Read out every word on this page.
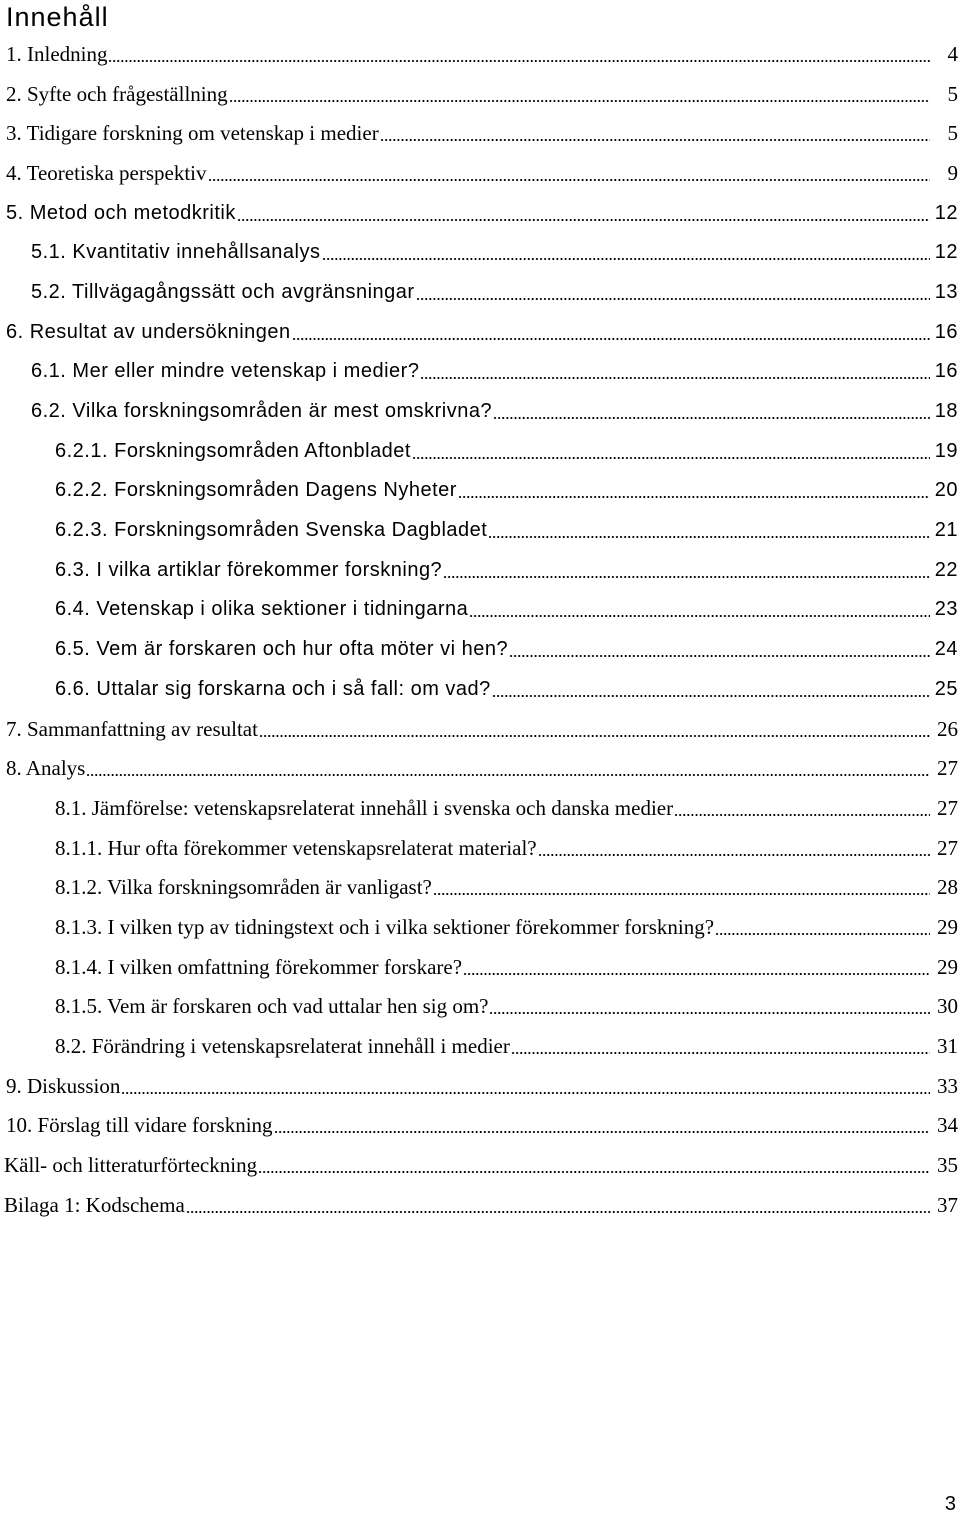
Innehåll
1. Inledning	4
2. Syfte och frågeställning	5
3. Tidigare forskning om vetenskap i medier	5
4. Teoretiska perspektiv	9
5. Metod och metodkritik	12
5.1. Kvantitativ innehållsanalys	12
5.2. Tillvägagångssätt och avgränsningar	13
6. Resultat av undersökningen	16
6.1. Mer eller mindre vetenskap i medier?	16
6.2. Vilka forskningsområden är mest omskrivna?	18
6.2.1. Forskningsområden Aftonbladet	19
6.2.2. Forskningsområden Dagens Nyheter	20
6.2.3. Forskningsområden Svenska Dagbladet	21
6.3. I vilka artiklar förekommer forskning?	22
6.4. Vetenskap i olika sektioner i tidningarna	23
6.5. Vem är forskaren och hur ofta möter vi hen?	24
6.6. Uttalar sig forskarna och i så fall: om vad?	25
7. Sammanfattning av resultat	26
8. Analys	27
8.1. Jämförelse: vetenskapsrelaterat innehåll i svenska och danska medier	27
8.1.1. Hur ofta förekommer vetenskapsrelaterat material?	27
8.1.2. Vilka forskningsområden är vanligast?	28
8.1.3. I vilken typ av tidningstext och i vilka sektioner förekommer forskning?	29
8.1.4. I vilken omfattning förekommer forskare?	29
8.1.5. Vem är forskaren och vad uttalar hen sig om?	30
8.2. Förändring i vetenskapsrelaterat innehåll i medier	31
9. Diskussion	33
10. Förslag till vidare forskning	34
Käll- och litteraturförteckning	35
Bilaga 1: Kodschema	37
3
